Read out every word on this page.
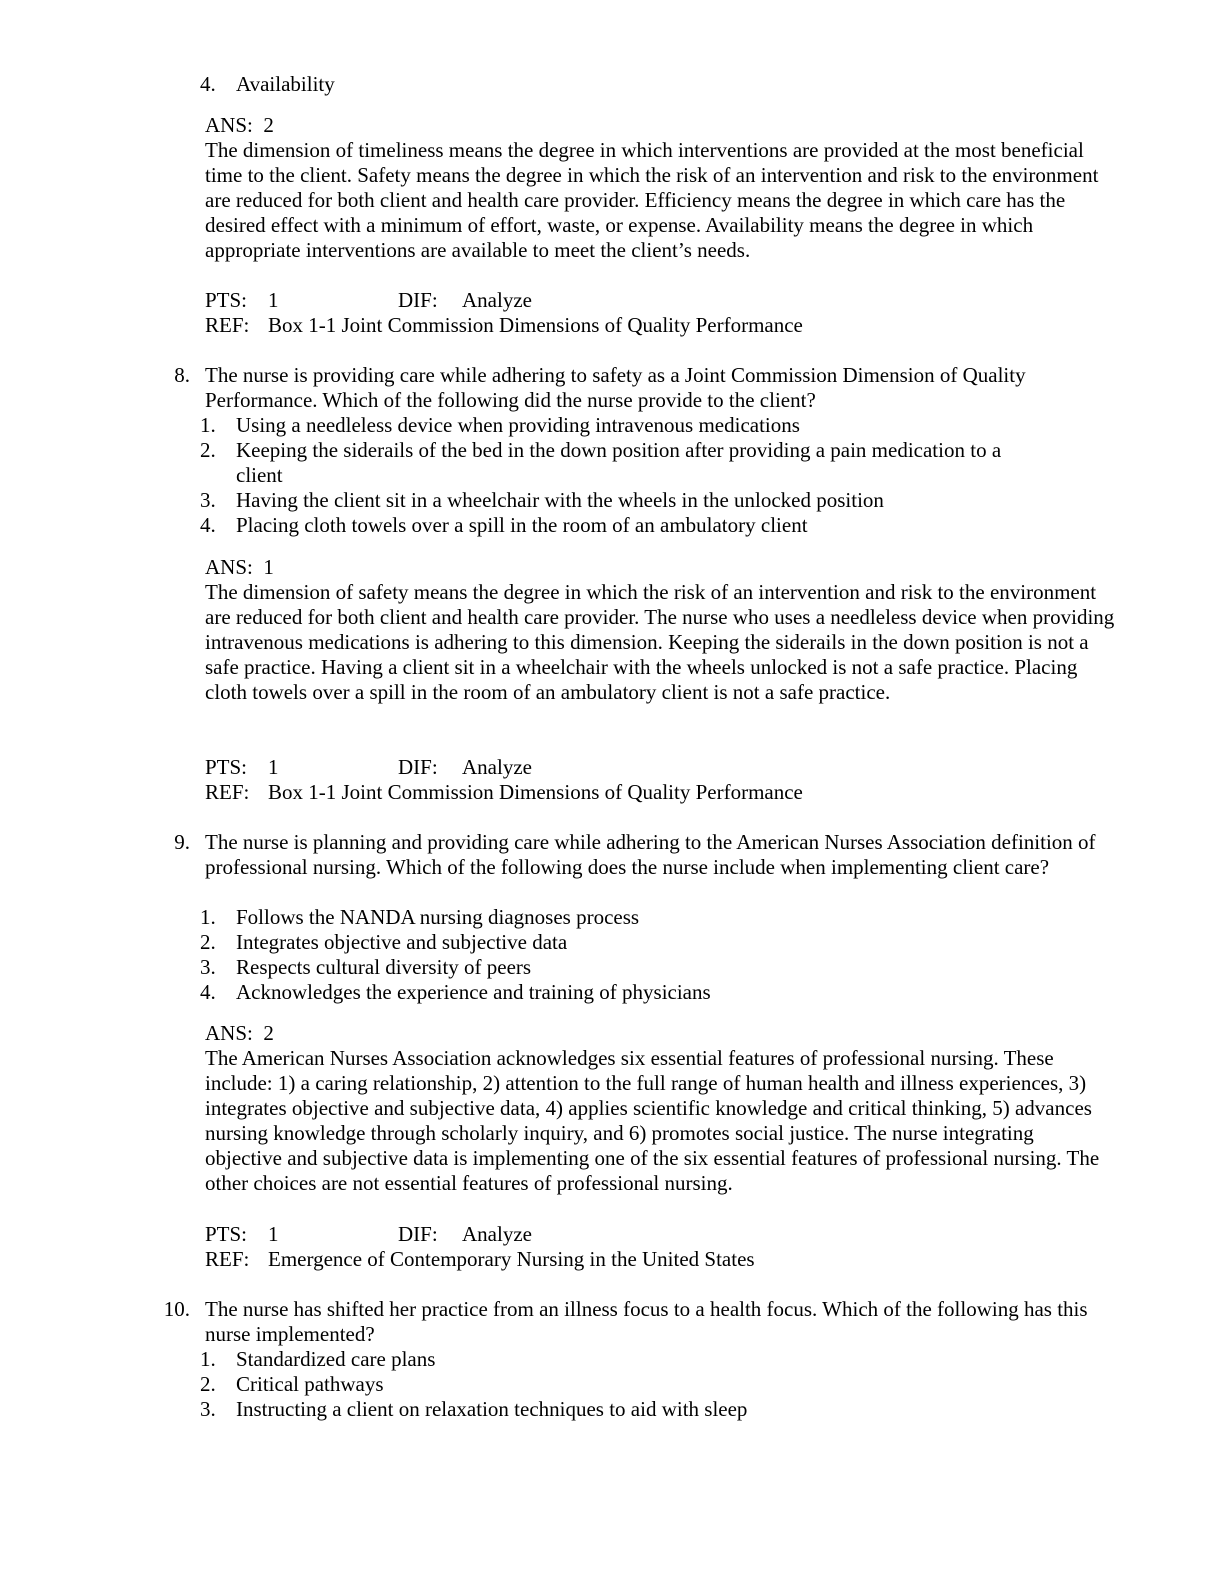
4. Availability
ANS: 2
The dimension of timeliness means the degree in which interventions are provided at the most beneficial time to the client. Safety means the degree in which the risk of an intervention and risk to the environment are reduced for both client and health care provider. Efficiency means the degree in which care has the desired effect with a minimum of effort, waste, or expense. Availability means the degree in which appropriate interventions are available to meet the client’s needs.
PTS: 1	DIF: Analyze
REF: Box 1-1 Joint Commission Dimensions of Quality Performance
8. The nurse is providing care while adhering to safety as a Joint Commission Dimension of Quality Performance. Which of the following did the nurse provide to the client?
1. Using a needleless device when providing intravenous medications
2. Keeping the siderails of the bed in the down position after providing a pain medication to a client
3. Having the client sit in a wheelchair with the wheels in the unlocked position
4. Placing cloth towels over a spill in the room of an ambulatory client
ANS: 1
The dimension of safety means the degree in which the risk of an intervention and risk to the environment are reduced for both client and health care provider. The nurse who uses a needleless device when providing intravenous medications is adhering to this dimension. Keeping the siderails in the down position is not a safe practice. Having a client sit in a wheelchair with the wheels unlocked is not a safe practice. Placing cloth towels over a spill in the room of an ambulatory client is not a safe practice.
PTS: 1	DIF: Analyze
REF: Box 1-1 Joint Commission Dimensions of Quality Performance
9. The nurse is planning and providing care while adhering to the American Nurses Association definition of professional nursing. Which of the following does the nurse include when implementing client care?
1. Follows the NANDA nursing diagnoses process
2. Integrates objective and subjective data
3. Respects cultural diversity of peers
4. Acknowledges the experience and training of physicians
ANS: 2
The American Nurses Association acknowledges six essential features of professional nursing. These include: 1) a caring relationship, 2) attention to the full range of human health and illness experiences, 3) integrates objective and subjective data, 4) applies scientific knowledge and critical thinking, 5) advances nursing knowledge through scholarly inquiry, and 6) promotes social justice. The nurse integrating objective and subjective data is implementing one of the six essential features of professional nursing. The other choices are not essential features of professional nursing.
PTS: 1	DIF: Analyze
REF: Emergence of Contemporary Nursing in the United States
10. The nurse has shifted her practice from an illness focus to a health focus. Which of the following has this nurse implemented?
1. Standardized care plans
2. Critical pathways
3. Instructing a client on relaxation techniques to aid with sleep
